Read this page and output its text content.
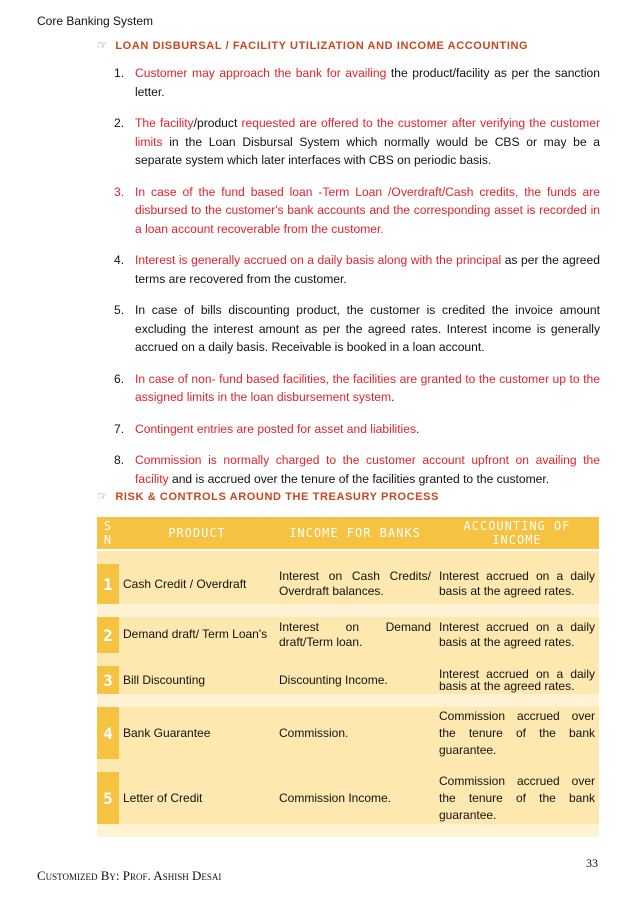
Core Banking System
☞ LOAN DISBURSAL / FACILITY UTILIZATION AND INCOME ACCOUNTING
1. Customer may approach the bank for availing the product/facility as per the sanction letter.
2. The facility/product requested are offered to the customer after verifying the customer limits in the Loan Disbursal System which normally would be CBS or may be a separate system which later interfaces with CBS on periodic basis.
3. In case of the fund based loan -Term Loan /Overdraft/Cash credits, the funds are disbursed to the customer's bank accounts and the corresponding asset is recorded in a loan account recoverable from the customer.
4. Interest is generally accrued on a daily basis along with the principal as per the agreed terms are recovered from the customer.
5. In case of bills discounting product, the customer is credited the invoice amount excluding the interest amount as per the agreed rates. Interest income is generally accrued on a daily basis. Receivable is booked in a loan account.
6. In case of non- fund based facilities, the facilities are granted to the customer up to the assigned limits in the loan disbursement system.
7. Contingent entries are posted for asset and liabilities.
8. Commission is normally charged to the customer account upfront on availing the facility and is accrued over the tenure of the facilities granted to the customer.
☞ RISK & CONTROLS AROUND THE TREASURY PROCESS
S N	PRODUCT	INCOME FOR BANKS	ACCOUNTING OF INCOME

1	Cash Credit / Overdraft	Interest on Cash Credits/ Overdraft balances.	Interest accrued on a daily basis at the agreed rates.

2	Demand draft/ Term Loan's	Interest on Demand draft/Term loan.	Interest accrued on a daily basis at the agreed rates.

3	Bill Discounting	Discounting Income.	Interest accrued on a daily basis at the agreed rates.

4	Bank Guarantee	Commission.	Commission accrued over the tenure of the bank guarantee.

5	Letter of Credit	Commission Income.	Commission accrued over the tenure of the bank guarantee.

33
Customized By: Prof. Ashish Desai
